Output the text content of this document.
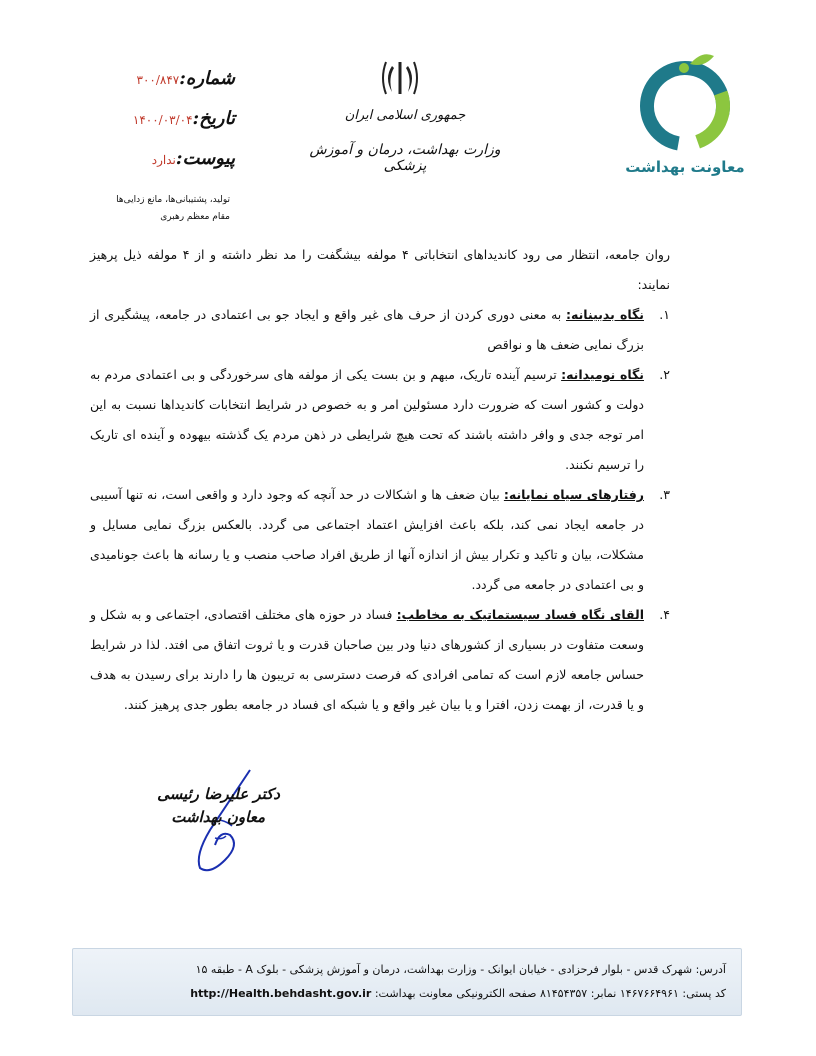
معاونت بهداشت
جمهوری اسلامی ایران
وزارت بهداشت، درمان و آموزش پزشکی
شماره:۳۰۰/۸۴۷
تاریخ:۱۴۰۰/۰۳/۰۴
پیوست:ندارد
تولید، پشتیبانی‌ها، مانع زدایی‌ها
مقام معظم رهبری

روان جامعه، انتظار می رود کاندیداهای انتخاباتی ۴ مولفه بیشگفت را مد نظر داشته و از ۴ مولفه ذیل پرهیز نمایند:

۱.
نگاه بدبینانه: به معنی دوری کردن از حرف های غیر واقع و ایجاد جو بی اعتمادی در جامعه، پیشگیری از بزرگ نمایی ضعف ها و نواقص
۲.
نگاه نومیدانه: ترسیم آینده تاریک، مبهم و بن بست یکی از مولفه های سرخوردگی و بی اعتمادی مردم به دولت و کشور است که ضرورت دارد مسئولین امر و به خصوص در شرایط انتخابات کاندیداها نسبت به این امر توجه جدی و وافر داشته باشند که تحت هیچ شرایطی در ذهن مردم یک گذشته بیهوده و آینده ای تاریک را ترسیم نکنند.
۳.
رفتارهای سیاه نمایانه: بیان ضعف ها و اشکالات در حد آنچه که وجود دارد و واقعی است، نه تنها آسیبی در جامعه ایجاد نمی کند، بلکه باعث افزایش اعتماد اجتماعی می گردد. بالعکس بزرگ نمایی مسایل و مشکلات، بیان و تاکید و تکرار بیش از اندازه آنها از طریق افراد صاحب منصب و یا رسانه ها باعث جونامیدی و بی اعتمادی در جامعه می گردد.
۴.
القای نگاه فساد سیستماتیک به مخاطب: فساد در حوزه های مختلف اقتصادی، اجتماعی و به شکل و وسعت متفاوت در بسیاری از کشورهای دنیا ودر بین صاحبان قدرت و یا ثروت اتفاق می افتد. لذا در شرایط حساس جامعه لازم است که تمامی افرادی که فرصت دسترسی به تریبون ها را دارند برای رسیدن به هدف و یا قدرت، از بهمت زدن، افترا و یا بیان غیر واقع و یا شبکه ای فساد در جامعه بطور جدی پرهیز کنند.
دکتر علیرضا رئیسی
معاون بهداشت
آدرس: شهرک قدس - بلوار فرحزادی - خیابان ایوانک - وزارت بهداشت، درمان و آموزش پزشکی - بلوک A - طبقه ۱۵
کد پستی: ۱۴۶۷۶۶۴۹۶۱ نمابر: ۸۱۴۵۴۳۵۷ صفحه الکترونیکی معاونت بهداشت: http://Health.behdasht.gov.ir
